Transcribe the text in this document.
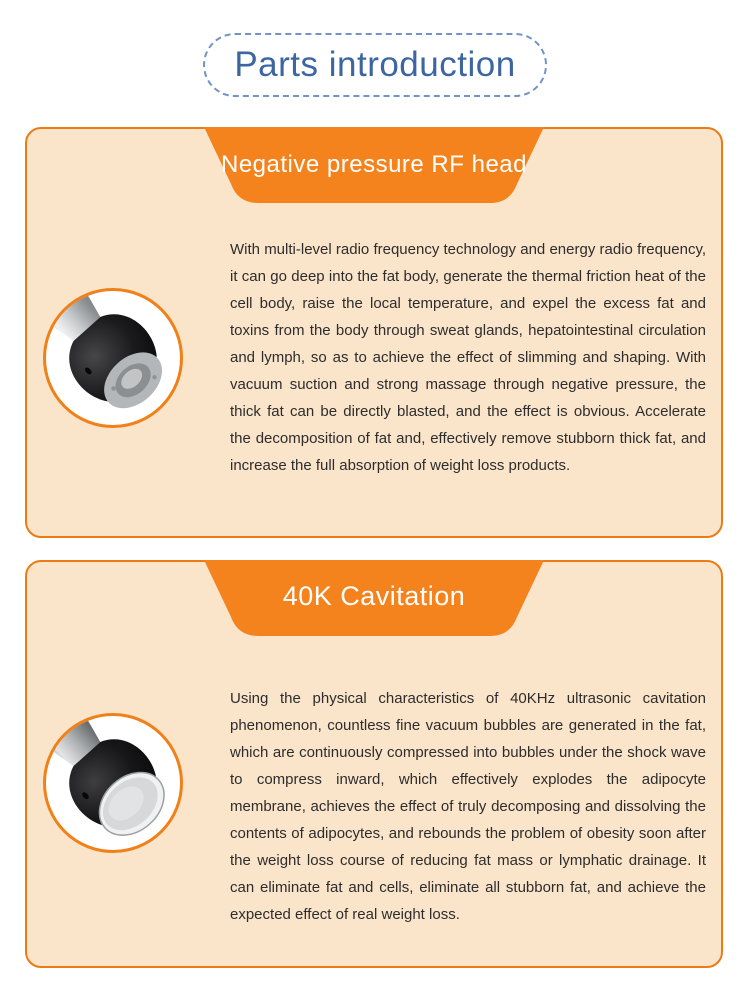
Parts introduction
Negative pressure RF head

With multi-level radio frequency technology and energy radio frequency, it can go deep into the fat body, generate the thermal friction heat of the cell body, raise the local temperature, and expel the excess fat and toxins from the body through sweat glands, hepatointestinal circulation and lymph, so as to achieve the effect of slimming and shaping. With vacuum suction and strong massage through negative pressure, the thick fat can be directly blasted, and the effect is obvious. Accelerate the decomposition of fat and, effectively remove stubborn thick fat, and increase the full absorption of weight loss products.

40K Cavitation

Using the physical characteristics of 40KHz ultrasonic cavitation phenomenon, countless fine vacuum bubbles are generated in the fat, which are continuously compressed into bubbles under the shock wave to compress inward, which effectively explodes the adipocyte membrane, achieves the effect of truly decomposing and dissolving the contents of adipocytes, and rebounds the problem of obesity soon after the weight loss course of reducing fat mass or lymphatic drainage. It can eliminate fat and cells, eliminate all stubborn fat, and achieve the expected effect of real weight loss.
